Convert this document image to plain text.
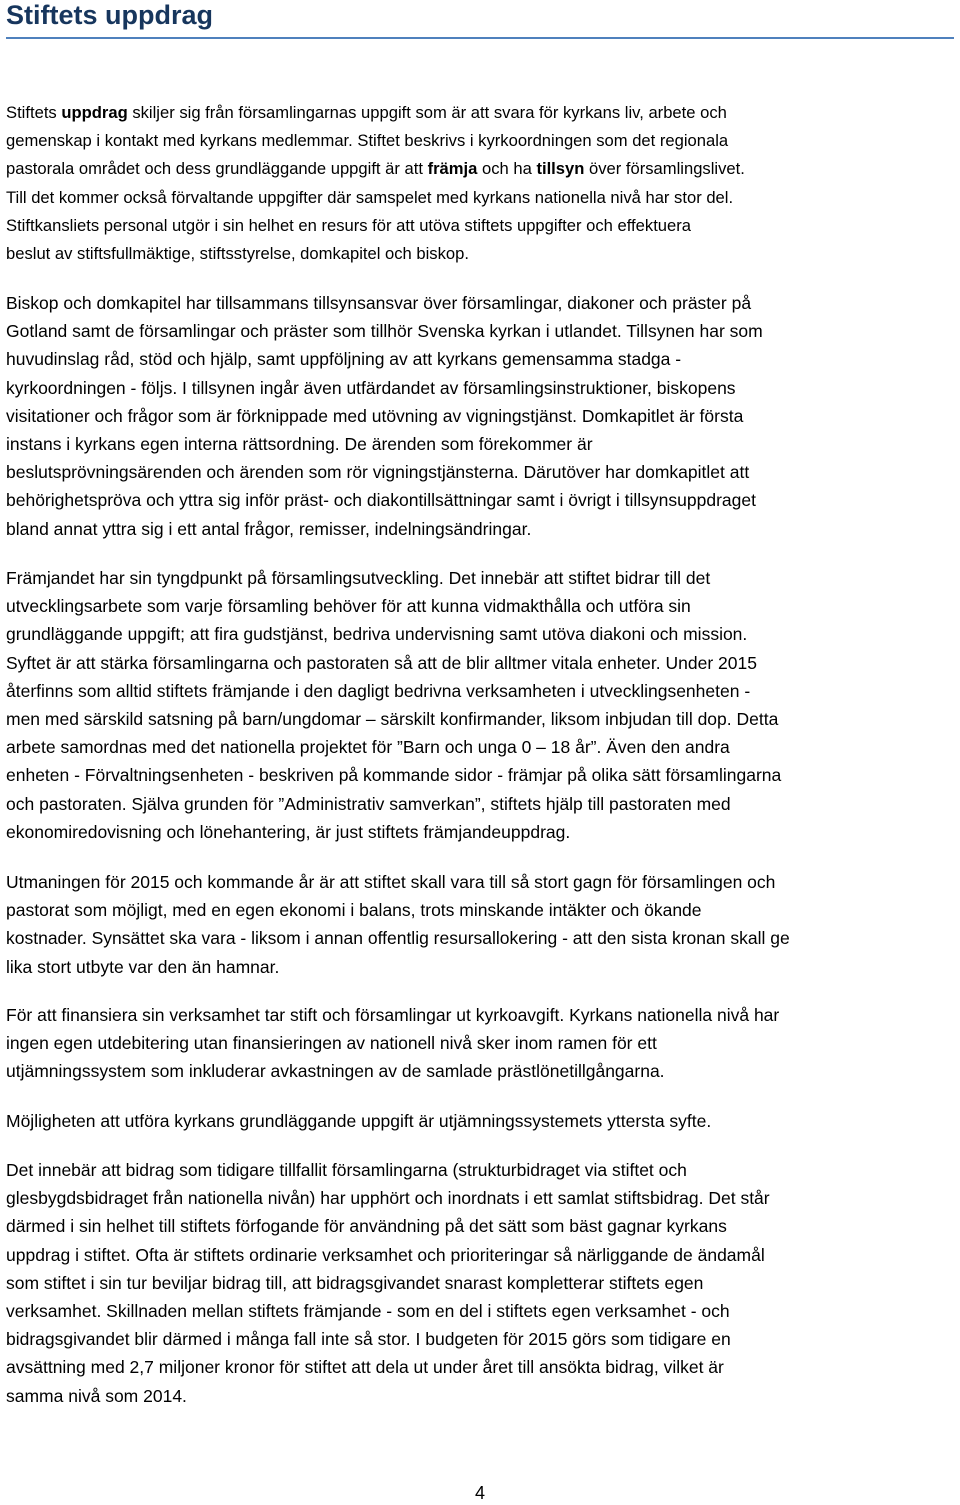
Stiftets uppdrag

Stiftets uppdrag skiljer sig från församlingarnas uppgift som är att svara för kyrkans liv, arbete och
gemenskap i kontakt med kyrkans medlemmar. Stiftet beskrivs i kyrkoordningen som det regionala
pastorala området och dess grundläggande uppgift är att främja och ha tillsyn över församlingslivet.
Till det kommer också förvaltande uppgifter där samspelet med kyrkans nationella nivå har stor del.
Stiftkansliets personal utgör i sin helhet en resurs för att utöva stiftets uppgifter och effektuera
beslut av stiftsfullmäktige, stiftsstyrelse, domkapitel och biskop.

Biskop och domkapitel har tillsammans tillsynsansvar över församlingar, diakoner och präster på
Gotland samt de församlingar och präster som tillhör Svenska kyrkan i utlandet. Tillsynen har som
huvudinslag råd, stöd och hjälp, samt uppföljning av att kyrkans gemensamma stadga -
kyrkoordningen - följs. I tillsynen ingår även utfärdandet av församlingsinstruktioner, biskopens
visitationer och frågor som är förknippade med utövning av vigningstjänst. Domkapitlet är första
instans i kyrkans egen interna rättsordning. De ärenden som förekommer är
beslutsprövningsärenden och ärenden som rör vigningstjänsterna. Därutöver har domkapitlet att
behörighetspröva och yttra sig inför präst- och diakontillsättningar samt i övrigt i tillsynsuppdraget
bland annat yttra sig i ett antal frågor, remisser, indelningsändringar.

Främjandet har sin tyngdpunkt på församlingsutveckling. Det innebär att stiftet bidrar till det
utvecklingsarbete som varje församling behöver för att kunna vidmakthålla och utföra sin
grundläggande uppgift; att fira gudstjänst, bedriva undervisning samt utöva diakoni och mission.
Syftet är att stärka församlingarna och pastoraten så att de blir alltmer vitala enheter. Under 2015
återfinns som alltid stiftets främjande i den dagligt bedrivna verksamheten i utvecklingsenheten -
men med särskild satsning på barn/ungdomar – särskilt konfirmander, liksom inbjudan till dop. Detta
arbete samordnas med det nationella projektet för ”Barn och unga 0 – 18 år”. Även den andra
enheten - Förvaltningsenheten - beskriven på kommande sidor - främjar på olika sätt församlingarna
och pastoraten. Själva grunden för ”Administrativ samverkan”, stiftets hjälp till pastoraten med
ekonomiredovisning och lönehantering, är just stiftets främjandeuppdrag.

Utmaningen för 2015 och kommande år är att stiftet skall vara till så stort gagn för församlingen och
pastorat som möjligt, med en egen ekonomi i balans, trots minskande intäkter och ökande
kostnader. Synsättet ska vara - liksom i annan offentlig resursallokering - att den sista kronan skall ge
lika stort utbyte var den än hamnar.

För att finansiera sin verksamhet tar stift och församlingar ut kyrkoavgift. Kyrkans nationella nivå har
ingen egen utdebitering utan finansieringen av nationell nivå sker inom ramen för ett
utjämningssystem som inkluderar avkastningen av de samlade prästlönetillgångarna.

Möjligheten att utföra kyrkans grundläggande uppgift är utjämningssystemets yttersta syfte.

Det innebär att bidrag som tidigare tillfallit församlingarna (strukturbidraget via stiftet och
glesbygdsbidraget från nationella nivån) har upphört och inordnats i ett samlat stiftsbidrag. Det står
därmed i sin helhet till stiftets förfogande för användning på det sätt som bäst gagnar kyrkans
uppdrag i stiftet. Ofta är stiftets ordinarie verksamhet och prioriteringar så närliggande de ändamål
som stiftet i sin tur beviljar bidrag till, att bidragsgivandet snarast kompletterar stiftets egen
verksamhet. Skillnaden mellan stiftets främjande - som en del i stiftets egen verksamhet - och
bidragsgivandet blir därmed i många fall inte så stor. I budgeten för 2015 görs som tidigare en
avsättning med 2,7 miljoner kronor för stiftet att dela ut under året till ansökta bidrag, vilket är
samma nivå som 2014.

4
